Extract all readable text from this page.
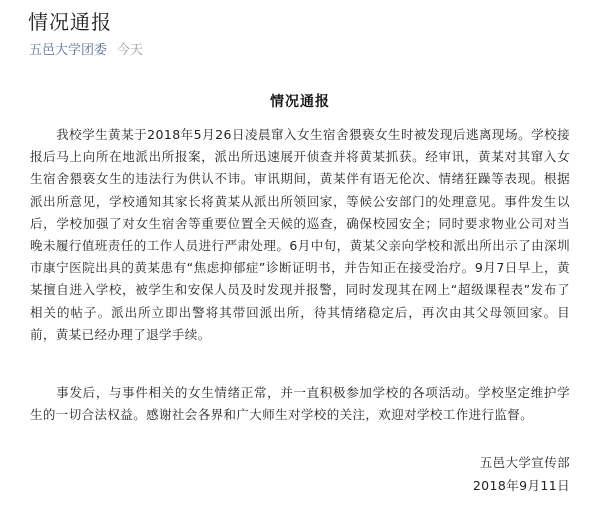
情况通报
五邑大学团委 今天
情况通报
我校学生黄某于2018年5月26日凌晨窜入女生宿舍猥亵女生时被发现后逃离现场。学校接报后马上向所在地派出所报案，派出所迅速展开侦查并将黄某抓获。经审讯，黄某对其窜入女生宿舍猥亵女生的违法行为供认不讳。审讯期间，黄某伴有语无伦次、情绪狂躁等表现。根据派出所意见，学校通知其家长将黄某从派出所领回家，等候公安部门的处理意见。事件发生以后，学校加强了对女生宿舍等重要位置全天候的巡查，确保校园安全；同时要求物业公司对当晚未履行值班责任的工作人员进行严肃处理。6月中旬，黄某父亲向学校和派出所出示了由深圳市康宁医院出具的黄某患有“焦虑抑郁症”诊断证明书，并告知正在接受治疗。9月7日早上，黄某擅自进入学校，被学生和安保人员及时发现并报警，同时发现其在网上“超级课程表”发布了相关的帖子。派出所立即出警将其带回派出所，待其情绪稳定后，再次由其父母领回家。目前，黄某已经办理了退学手续。
事发后，与事件相关的女生情绪正常，并一直积极参加学校的各项活动。学校坚定维护学生的一切合法权益。感谢社会各界和广大师生对学校的关注，欢迎对学校工作进行监督。
五邑大学宣传部
2018年9月11日
